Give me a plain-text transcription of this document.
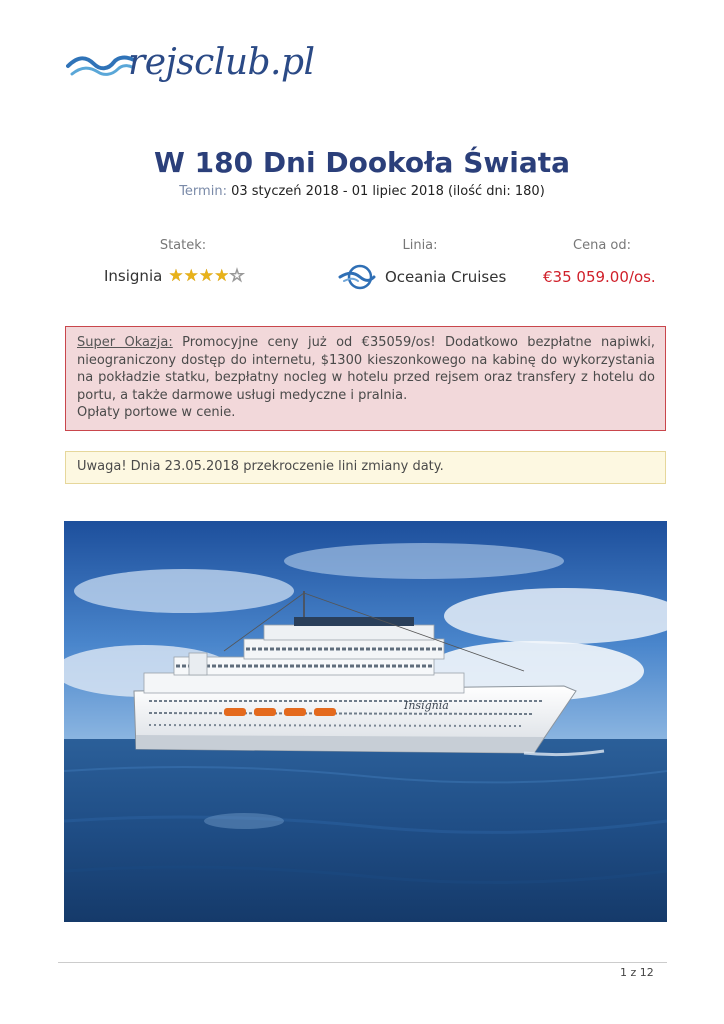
rejsclub.pl
W 180 Dni Dookoła Świata
Termin: 03 styczeń 2018 - 01 lipiec 2018 (ilość dni: 180)
Statek:	Linia:	Cena od:
Insignia ★ ★ ★ ★ ☆	Oceania Cruises €35 059.00/os.
Super Okazja: Promocyjne ceny już od €35059/os! Dodatkowo bezpłatne napiwki, nieograniczony dostęp do internetu, $1300 kieszonkowego na kabinę do wykorzystania na pokładzie statku, bezpłatny nocleg w hotelu przed rejsem oraz transfery z hotelu do portu, a także darmowe usługi medyczne i pralnia.
Opłaty portowe w cenie.
Uwaga! Dnia 23.05.2018 przekroczenie lini zmiany daty.
Insignia
1 z 12
